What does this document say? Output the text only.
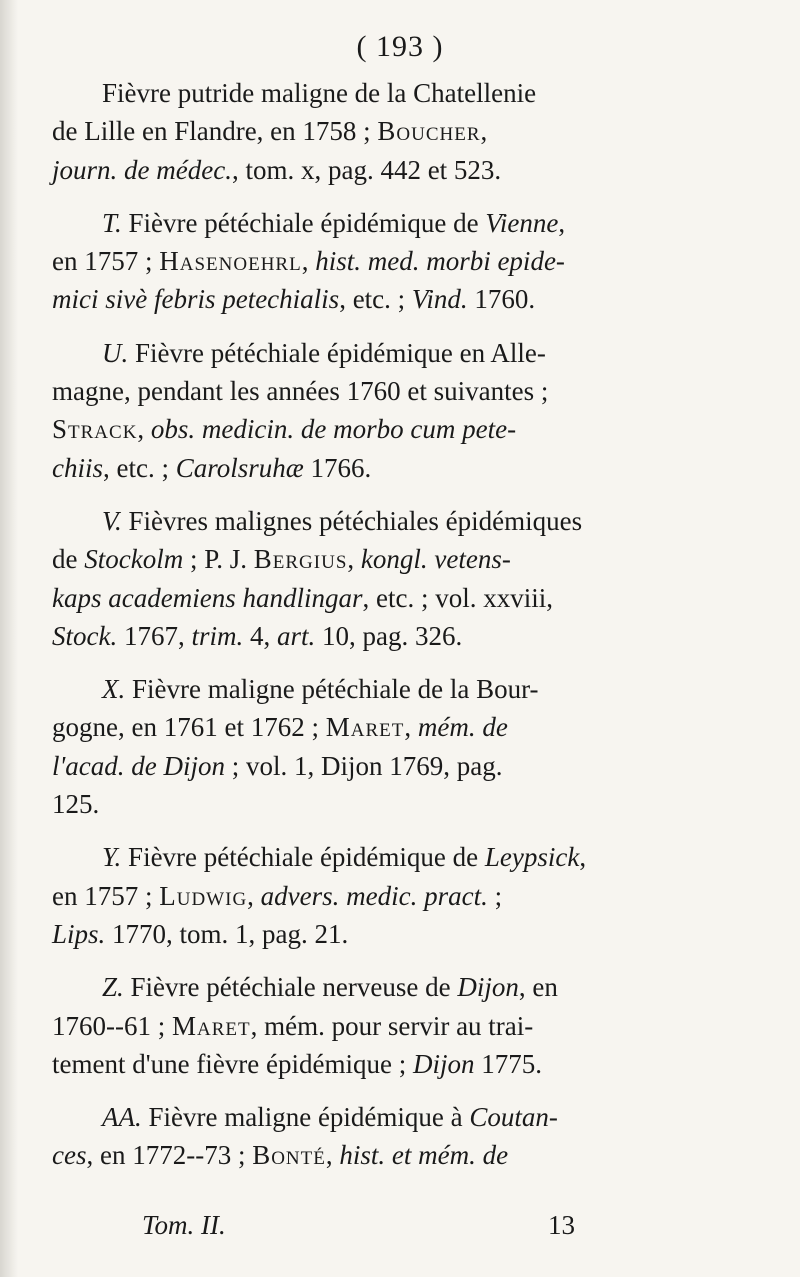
( 193 )
Fièvre putride maligne de la Chatellenie
de Lille en Flandre, en 1758 ; Boucher,
journ. de médec., tom. x, pag. 442 et 523.
T. Fièvre pétéchiale épidémique de Vienne,
en 1757 ; Hasenoehrl, hist. med. morbi epide-
mici sivè febris petechialis, etc. ; Vind. 1760.
U. Fièvre pétéchiale épidémique en Alle-
magne, pendant les années 1760 et suivantes ;
Strack, obs. medicin. de morbo cum pete-
chiis, etc. ; Carolsruhæ 1766.
V. Fièvres malignes pétéchiales épidémiques
de Stockolm ; P. J. Bergius, kongl. vetens-
kaps academiens handlingar, etc. ; vol. xxviii,
Stock. 1767, trim. 4, art. 10, pag. 326.
X. Fièvre maligne pétéchiale de la Bour-
gogne, en 1761 et 1762 ; Maret, mém. de
l'acad. de Dijon ; vol. 1, Dijon 1769, pag.
125.
Y. Fièvre pétéchiale épidémique de Leypsick,
en 1757 ; Ludwig, advers. medic. pract. ;
Lips. 1770, tom. 1, pag. 21.
Z. Fièvre pétéchiale nerveuse de Dijon, en
1760--61 ; Maret, mém. pour servir au trai-
tement d'une fièvre épidémique ; Dijon 1775.
AA. Fièvre maligne épidémique à Coutan-
ces, en 1772--73 ; Bonté, hist. et mém. de
Tom. II.	13
